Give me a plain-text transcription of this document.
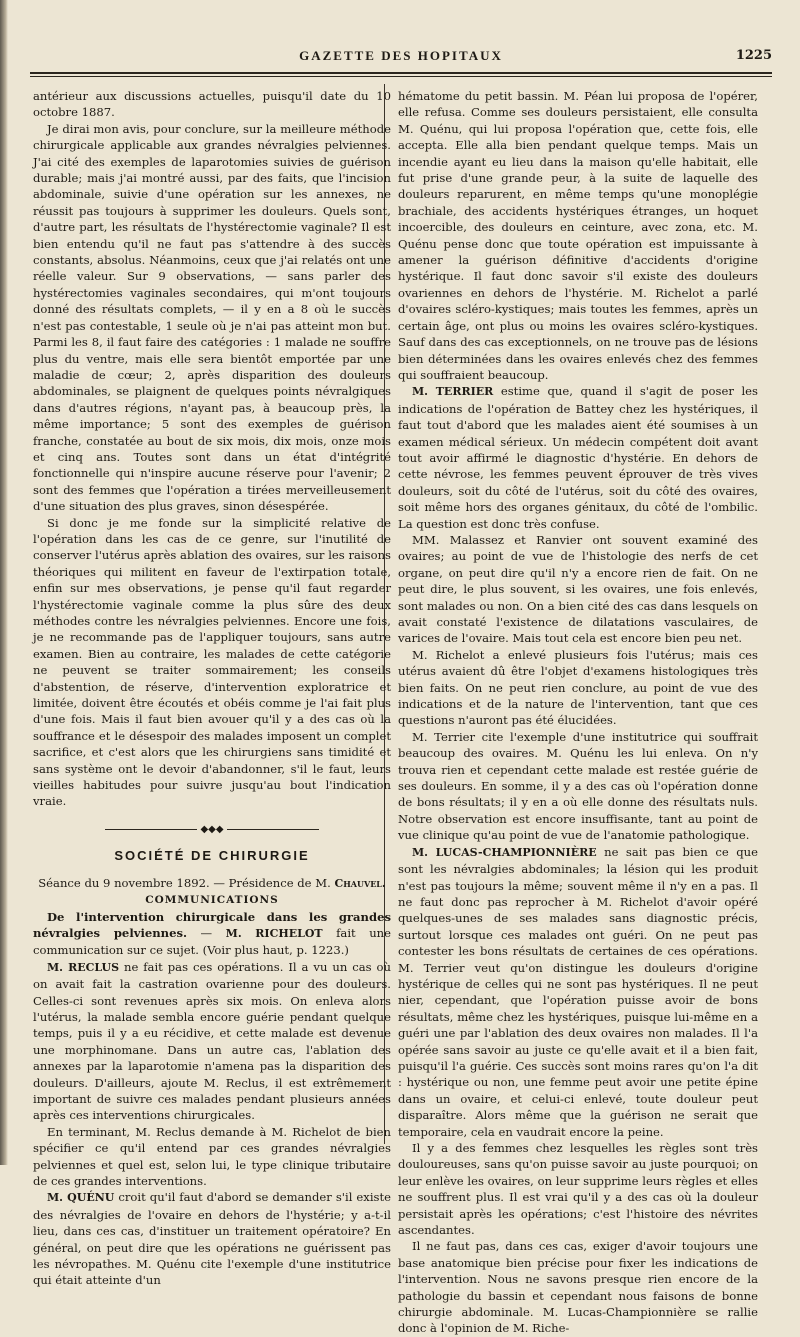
GAZETTE DES HOPITAUX	1225

antérieur aux discussions actuelles, puisqu'il date du 10 octobre 1887.

Je dirai mon avis, pour conclure, sur la meilleure méthode chirurgicale applicable aux grandes névralgies pelviennes. J'ai cité des exemples de laparotomies suivies de guérison durable; mais j'ai montré aussi, par des faits, que l'incision abdominale, suivie d'une opération sur les annexes, ne réussit pas toujours à supprimer les douleurs. Quels sont, d'autre part, les résultats de l'hystérectomie vaginale? Il est bien entendu qu'il ne faut pas s'attendre à des succès constants, absolus. Néanmoins, ceux que j'ai relatés ont une réelle valeur. Sur 9 observations, — sans parler des hystérectomies vaginales secondaires, qui m'ont toujours donné des résultats complets, — il y en a 8 où le succès n'est pas contestable, 1 seule où je n'ai pas atteint mon but. Parmi les 8, il faut faire des catégories : 1 malade ne souffre plus du ventre, mais elle sera bientôt emportée par une maladie de cœur; 2, après disparition des douleurs abdominales, se plaignent de quelques points névralgiques dans d'autres régions, n'ayant pas, à beaucoup près, la même importance; 5 sont des exemples de guérison franche, constatée au bout de six mois, dix mois, onze mois et cinq ans. Toutes sont dans un état d'intégrité fonctionnelle qui n'inspire aucune réserve pour l'avenir; 2 sont des femmes que l'opération a tirées merveilleusement d'une situation des plus graves, sinon désespérée.

Si donc je me fonde sur la simplicité relative de l'opération dans les cas de ce genre, sur l'inutilité de conserver l'utérus après ablation des ovaires, sur les raisons théoriques qui militent en faveur de l'extirpation totale, enfin sur mes observations, je pense qu'il faut regarder l'hystérectomie vaginale comme la plus sûre des deux méthodes contre les névralgies pelviennes. Encore une fois, je ne recommande pas de l'appliquer toujours, sans autre examen. Bien au contraire, les malades de cette catégorie ne peuvent se traiter sommairement; les conseils d'abstention, de réserve, d'intervention exploratrice et limitée, doivent être écoutés et obéis comme je l'ai fait plus d'une fois. Mais il faut bien avouer qu'il y a des cas où la souffrance et le désespoir des malades imposent un complet sacrifice, et c'est alors que les chirurgiens sans timidité et sans système ont le devoir d'abandonner, s'il le faut, leurs vieilles habitudes pour suivre jusqu'au bout l'indication vraie.

◆◆◆
SOCIÉTÉ DE CHIRURGIE

Séance du 9 novembre 1892. — Présidence de M. Chauvel.

COMMUNICATIONS

De l'intervention chirurgicale dans les grandes névralgies pelviennes. — M. RICHELOT fait une communication sur ce sujet. (Voir plus haut, p. 1223.)

M. RECLUS ne fait pas ces opérations. Il a vu un cas où on avait fait la castration ovarienne pour des douleurs. Celles-ci sont revenues après six mois. On enleva alors l'utérus, la malade sembla encore guérie pendant quelque temps, puis il y a eu récidive, et cette malade est devenue une morphinomane. Dans un autre cas, l'ablation des annexes par la laparotomie n'amena pas la disparition des douleurs. D'ailleurs, ajoute M. Reclus, il est extrêmement important de suivre ces malades pendant plusieurs années après ces interventions chirurgicales.

En terminant, M. Reclus demande à M. Richelot de bien spécifier ce qu'il entend par ces grandes névralgies pelviennes et quel est, selon lui, le type clinique tributaire de ces grandes interventions.

M. QUÉNU croit qu'il faut d'abord se demander s'il existe des névralgies de l'ovaire en dehors de l'hystérie; y a-t-il lieu, dans ces cas, d'instituer un traitement opératoire? En général, on peut dire que les opérations ne guérissent pas les névropathes. M. Quénu cite l'exemple d'une institutrice qui était atteinte d'un

hématome du petit bassin. M. Péan lui proposa de l'opérer, elle refusa. Comme ses douleurs persistaient, elle consulta M. Quénu, qui lui proposa l'opération que, cette fois, elle accepta. Elle alla bien pendant quelque temps. Mais un incendie ayant eu lieu dans la maison qu'elle habitait, elle fut prise d'une grande peur, à la suite de laquelle des douleurs reparurent, en même temps qu'une monoplégie brachiale, des accidents hystériques étranges, un hoquet incoercible, des douleurs en ceinture, avec zona, etc. M. Quénu pense donc que toute opération est impuissante à amener la guérison définitive d'accidents d'origine hystérique. Il faut donc savoir s'il existe des douleurs ovariennes en dehors de l'hystérie. M. Richelot a parlé d'ovaires scléro-kystiques; mais toutes les femmes, après un certain âge, ont plus ou moins les ovaires scléro-kystiques. Sauf dans des cas exceptionnels, on ne trouve pas de lésions bien déterminées dans les ovaires enlevés chez des femmes qui souffraient beaucoup.

M. TERRIER estime que, quand il s'agit de poser les indications de l'opération de Battey chez les hystériques, il faut tout d'abord que les malades aient été soumises à un examen médical sérieux. Un médecin compétent doit avant tout avoir affirmé le diagnostic d'hystérie. En dehors de cette névrose, les femmes peuvent éprouver de très vives douleurs, soit du côté de l'utérus, soit du côté des ovaires, soit même hors des organes génitaux, du côté de l'ombilic. La question est donc très confuse.

MM. Malassez et Ranvier ont souvent examiné des ovaires; au point de vue de l'histologie des nerfs de cet organe, on peut dire qu'il n'y a encore rien de fait. On ne peut dire, le plus souvent, si les ovaires, une fois enlevés, sont malades ou non. On a bien cité des cas dans lesquels on avait constaté l'existence de dilatations vasculaires, de varices de l'ovaire. Mais tout cela est encore bien peu net.

M. Richelot a enlevé plusieurs fois l'utérus; mais ces utérus avaient dû être l'objet d'examens histologiques très bien faits. On ne peut rien conclure, au point de vue des indications et de la nature de l'intervention, tant que ces questions n'auront pas été élucidées.

M. Terrier cite l'exemple d'une institutrice qui souffrait beaucoup des ovaires. M. Quénu les lui enleva. On n'y trouva rien et cependant cette malade est restée guérie de ses douleurs. En somme, il y a des cas où l'opération donne de bons résultats; il y en a où elle donne des résultats nuls. Notre observation est encore insuffisante, tant au point de vue clinique qu'au point de vue de l'anatomie pathologique.

M. LUCAS-CHAMPIONNIÈRE ne sait pas bien ce que sont les névralgies abdominales; la lésion qui les produit n'est pas toujours la même; souvent même il n'y en a pas. Il ne faut donc pas reprocher à M. Richelot d'avoir opéré quelques-unes de ses malades sans diagnostic précis, surtout lorsque ces malades ont guéri. On ne peut pas contester les bons résultats de certaines de ces opérations. M. Terrier veut qu'on distingue les douleurs d'origine hystérique de celles qui ne sont pas hystériques. Il ne peut nier, cependant, que l'opération puisse avoir de bons résultats, même chez les hystériques, puisque lui-même en a guéri une par l'ablation des deux ovaires non malades. Il l'a opérée sans savoir au juste ce qu'elle avait et il a bien fait, puisqu'il l'a guérie. Ces succès sont moins rares qu'on l'a dit : hystérique ou non, une femme peut avoir une petite épine dans un ovaire, et celui-ci enlevé, toute douleur peut disparaître. Alors même que la guérison ne serait que temporaire, cela en vaudrait encore la peine.

Il y a des femmes chez lesquelles les règles sont très douloureuses, sans qu'on puisse savoir au juste pourquoi; on leur enlève les ovaires, on leur supprime leurs règles et elles ne souffrent plus. Il est vrai qu'il y a des cas où la douleur persistait après les opérations; c'est l'histoire des névrites ascendantes.

Il ne faut pas, dans ces cas, exiger d'avoir toujours une base anatomique bien précise pour fixer les indications de l'intervention. Nous ne savons presque rien encore de la pathologie du bassin et cependant nous faisons de bonne chirurgie abdominale. M. Lucas-Championnière se rallie donc à l'opinion de M. Riche-
